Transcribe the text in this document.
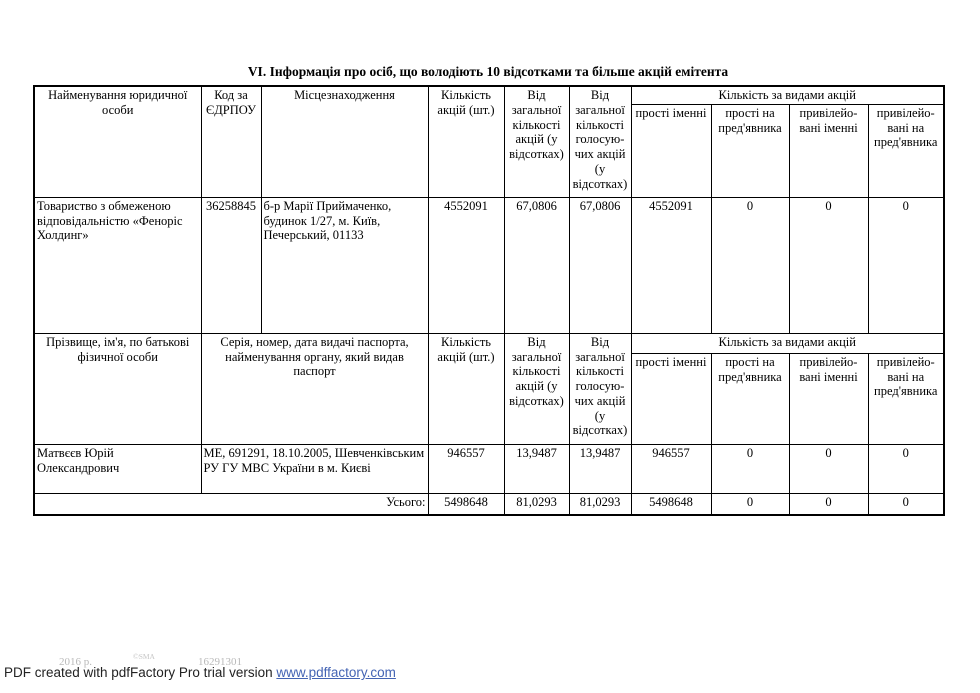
VI. Інформація про осіб, що володіють 10 відсотками та більше акцій емітента
Найменування юридичної особи	Код за ЄДРПОУ	Місцезнаходження	Кількість акцій (шт.)	Від загальної кількості акцій (у відсотках)	Від загальної кількості голосую-чих акцій (у відсотках)	Кількість за видами акцій			
						прості іменні	прості на пред'явника	привілейо-вані іменні	привілейо-вані на пред'явника
Товариство з обмеженою відповідальністю «Феноріс Холдинг»	36258845	б-р Марії Приймаченко, будинок 1/27, м. Київ, Печерський, 01133	4552091	67,0806	67,0806	4552091	0	0	0
Прізвище, ім'я, по батькові фізичної особи	Серія, номер, дата видачі паспорта, найменування органу, який видав паспорт		Кількість акцій (шт.)	Від загальної кількості акцій (у відсотках)	Від загальної кількості голосую-чих акцій (у відсотках)	Кількість за видами акцій			
						прості іменні	прості на пред'явника	привілейо-вані іменні	привілейо-вані на пред'явника
Матвєєв Юрій Олександрович	МЕ, 691291, 18.10.2005, Шевченківським РУ ГУ МВС України в м. Києві		946557	13,9487	13,9487	946557	0	0	0
Усього:			5498648	81,0293	81,0293	5498648	0	0	0
2016 р.	©SMA	16291301
PDF created with pdfFactory Pro trial version www.pdffactory.com
